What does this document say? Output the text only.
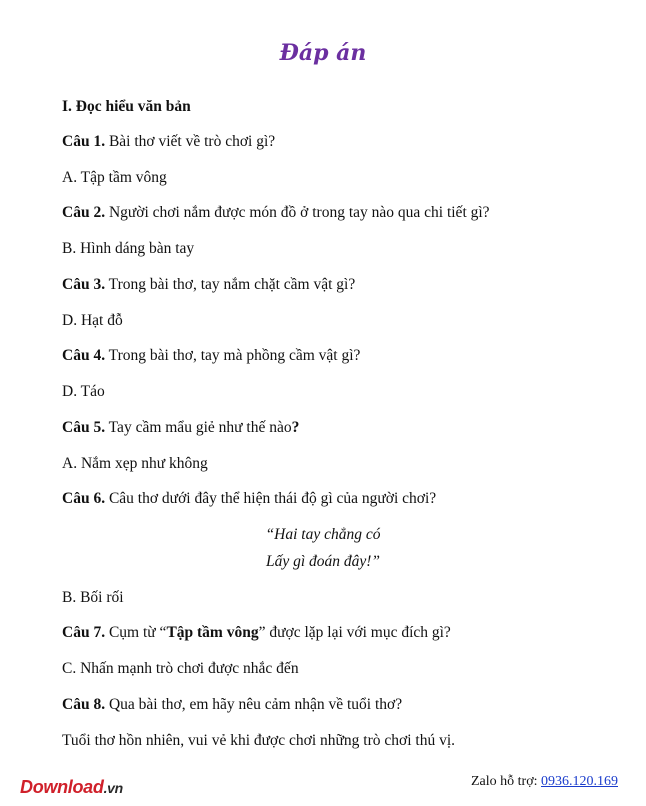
Đáp án
I. Đọc hiểu văn bản
Câu 1. Bài thơ viết về trò chơi gì?
A. Tập tầm vông
Câu 2. Người chơi nắm được món đồ ở trong tay nào qua chi tiết gì?
B. Hình dáng bàn tay
Câu 3. Trong bài thơ, tay nắm chặt cầm vật gì?
D. Hạt đỗ
Câu 4. Trong bài thơ, tay mà phồng cầm vật gì?
D. Táo
Câu 5. Tay cầm mẩu giẻ như thế nào?
A. Nắm xẹp như không
Câu 6. Câu thơ dưới đây thể hiện thái độ gì của người chơi?
“Hai tay chẳng có
Lấy gì đoán đây!”
B. Bối rối
Câu 7. Cụm từ “Tập tầm vông” được lặp lại với mục đích gì?
C. Nhấn mạnh trò chơi được nhắc đến
Câu 8. Qua bài thơ, em hãy nêu cảm nhận về tuổi thơ?
Tuổi thơ hồn nhiên, vui vẻ khi được chơi những trò chơi thú vị.
Download.vn	Zalo hỗ trợ: 0936.120.169
